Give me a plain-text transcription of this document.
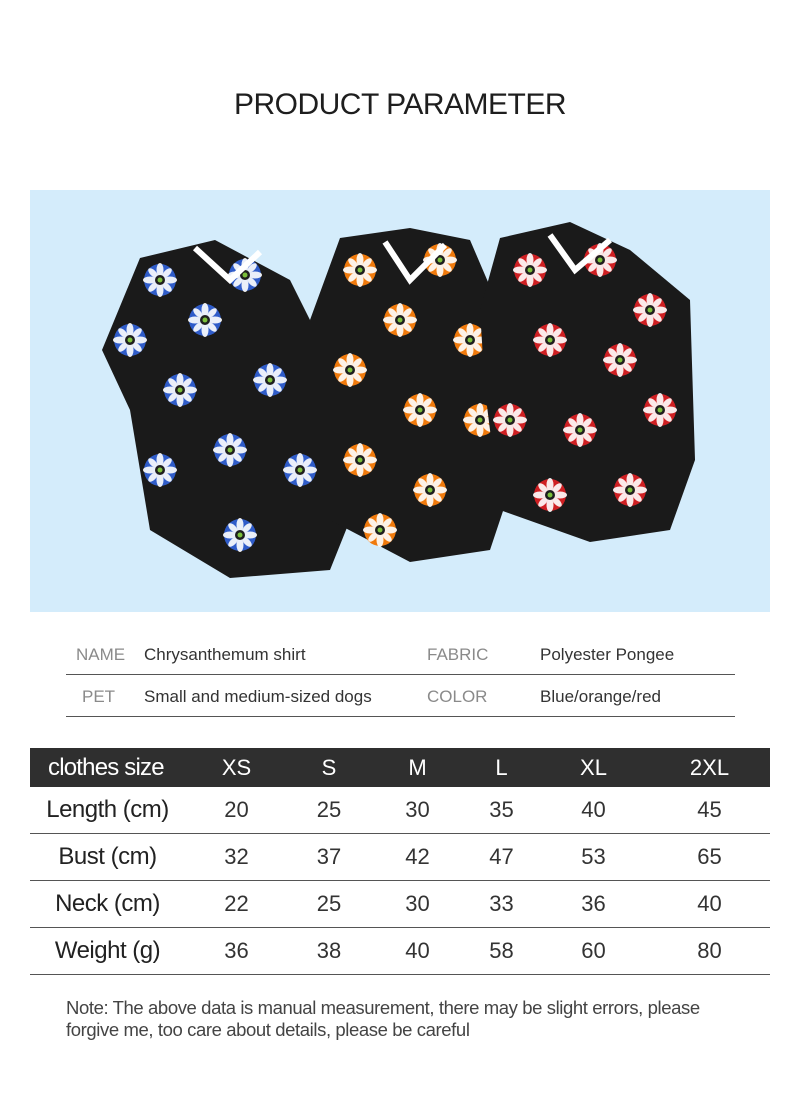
PRODUCT PARAMETER
NAME Chrysanthemum shirt	FABRIC	Polyester Pongee
PET Small and medium-sized dogs	COLOR	Blue/orange/red
clothes size	XS	S	M	L	XL	2XL
Length (cm)	20	25	30	35	40	45
Bust (cm)	32	37	42	47	53	65
Neck (cm)	22	25	30	33	36	40
Weight (g)	36	38	40	58	60	80
Note: The above data is manual measurement, there may be slight errors, please forgive me, too care about details, please be careful
